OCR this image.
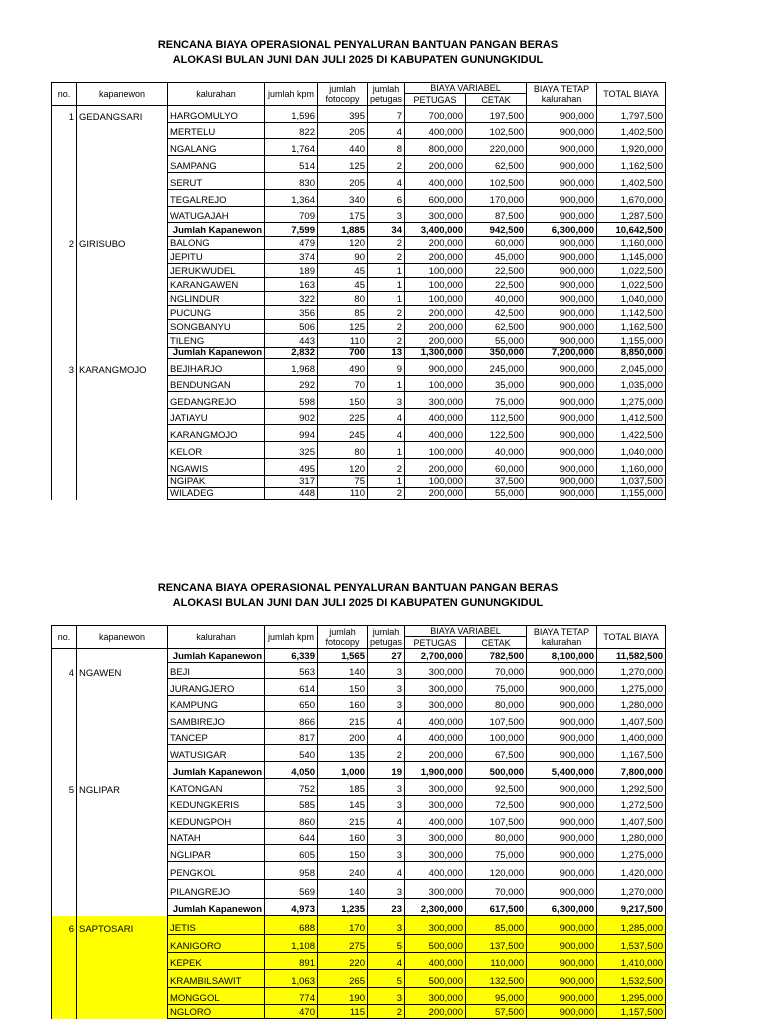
RENCANA BIAYA OPERASIONAL PENYALURAN BANTUAN PANGAN BERAS
ALOKASI BULAN JUNI DAN JULI 2025 DI KABUPATEN GUNUNGKIDUL
no.	kapanewon	kalurahan	jumlah kpm	jumlah fotocopy	jumlah petugas	BIAYA VARIABEL		BIAYA TETAP kalurahan	TOTAL BIAYA
						PETUGAS	CETAK		
1	GEDANGSARI	HARGOMULYO	1,596	395	7	700,000	197,500	900,000	1,797,500
		MERTELU	822	205	4	400,000	102,500	900,000	1,402,500
		NGALANG	1,764	440	8	800,000	220,000	900,000	1,920,000
		SAMPANG	514	125	2	200,000	62,500	900,000	1,162,500
		SERUT	830	205	4	400,000	102,500	900,000	1,402,500
		TEGALREJO	1,364	340	6	600,000	170,000	900,000	1,670,000
		WATUGAJAH	709	175	3	300,000	87,500	900,000	1,287,500
		Jumlah Kapanewon	7,599	1,885	34	3,400,000	942,500	6,300,000	10,642,500
2	GIRISUBO	BALONG	479	120	2	200,000	60,000	900,000	1,160,000
		JEPITU	374	90	2	200,000	45,000	900,000	1,145,000
		JERUKWUDEL	189	45	1	100,000	22,500	900,000	1,022,500
		KARANGAWEN	163	45	1	100,000	22,500	900,000	1,022,500
		NGLINDUR	322	80	1	100,000	40,000	900,000	1,040,000
		PUCUNG	356	85	2	200,000	42,500	900,000	1,142,500
		SONGBANYU	506	125	2	200,000	62,500	900,000	1,162,500
		TILENG	443	110	2	200,000	55,000	900,000	1,155,000
		Jumlah Kapanewon	2,832	700	13	1,300,000	350,000	7,200,000	8,850,000
3	KARANGMOJO	BEJIHARJO	1,968	490	9	900,000	245,000	900,000	2,045,000
		BENDUNGAN	292	70	1	100,000	35,000	900,000	1,035,000
		GEDANGREJO	598	150	3	300,000	75,000	900,000	1,275,000
		JATIAYU	902	225	4	400,000	112,500	900,000	1,412,500
		KARANGMOJO	994	245	4	400,000	122,500	900,000	1,422,500
		KELOR	325	80	1	100,000	40,000	900,000	1,040,000
		NGAWIS	495	120	2	200,000	60,000	900,000	1,160,000
		NGIPAK	317	75	1	100,000	37,500	900,000	1,037,500
		WILADEG	448	110	2	200,000	55,000	900,000	1,155,000
RENCANA BIAYA OPERASIONAL PENYALURAN BANTUAN PANGAN BERAS
ALOKASI BULAN JUNI DAN JULI 2025 DI KABUPATEN GUNUNGKIDUL
no.	kapanewon	kalurahan	jumlah kpm	jumlah fotocopy	jumlah petugas	BIAYA VARIABEL		BIAYA TETAP kalurahan	TOTAL BIAYA
						PETUGAS	CETAK		
		Jumlah Kapanewon	6,339	1,565	27	2,700,000	782,500	8,100,000	11,582,500
4	NGAWEN	BEJI	563	140	3	300,000	70,000	900,000	1,270,000
		JURANGJERO	614	150	3	300,000	75,000	900,000	1,275,000
		KAMPUNG	650	160	3	300,000	80,000	900,000	1,280,000
		SAMBIREJO	866	215	4	400,000	107,500	900,000	1,407,500
		TANCEP	817	200	4	400,000	100,000	900,000	1,400,000
		WATUSIGAR	540	135	2	200,000	67,500	900,000	1,167,500
		Jumlah Kapanewon	4,050	1,000	19	1,900,000	500,000	5,400,000	7,800,000
5	NGLIPAR	KATONGAN	752	185	3	300,000	92,500	900,000	1,292,500
		KEDUNGKERIS	585	145	3	300,000	72,500	900,000	1,272,500
		KEDUNGPOH	860	215	4	400,000	107,500	900,000	1,407,500
		NATAH	644	160	3	300,000	80,000	900,000	1,280,000
		NGLIPAR	605	150	3	300,000	75,000	900,000	1,275,000
		PENGKOL	958	240	4	400,000	120,000	900,000	1,420,000
		PILANGREJO	569	140	3	300,000	70,000	900,000	1,270,000
		Jumlah Kapanewon	4,973	1,235	23	2,300,000	617,500	6,300,000	9,217,500
6	SAPTOSARI	JETIS	688	170	3	300,000	85,000	900,000	1,285,000
		KANIGORO	1,108	275	5	500,000	137,500	900,000	1,537,500
		KEPEK	891	220	4	400,000	110,000	900,000	1,410,000
		KRAMBILSAWIT	1,063	265	5	500,000	132,500	900,000	1,532,500
		MONGGOL	774	190	3	300,000	95,000	900,000	1,295,000
		NGLORO	470	115	2	200,000	57,500	900,000	1,157,500
